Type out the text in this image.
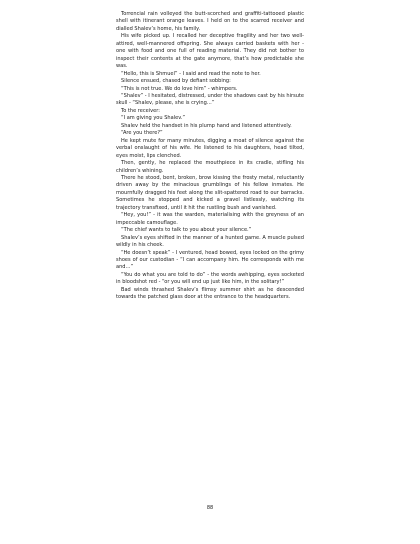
Torrencial rain volleyed the butt-scorched and graffiti-tattooed plastic shell with itinerant orange leaves. I held on to the scarred receiver and dialled Shalev’s home, his family.

His wife picked up. I recalled her deceptive fragility and her two well-attired, well-mannered offspring. She always carried baskets with her - one with food and one full of reading material. They did not bother to inspect their contents at the gate anymore, that’s how predictable she was.

“Hello, this is Shmuel” - I said and read the note to her.

Silence ensued, chased by defiant sobbing:

“This is not true. We do love him” - whimpers.

“Shalev” - I hesitated, distressed, under the shadows cast by his hirsute skull - “Shalev, please, she is crying…”

To the receiver:

“I am giving you Shalev.”

Shalev held the handset in his plump hand and listened attentively.

“Are you there?”

He kept mute for many minutes, digging a moat of silence against the verbal onslaught of his wife. He listened to his daughters, head tilted, eyes moist, lips clenched.

Then, gently, he replaced the mouthpiece in its cradle, stifling his children’s whining.

There he stood, bent, broken, brow kissing the frosty metal, reluctantly driven away by the minacious grumblings of his fellow inmates. He mournfully dragged his feet along the slit-spattered road to our barracks. Sometimes he stopped and kicked a gravel listlessly, watching its trajectory transfixed, until it hit the rustling bush and vanished.

“Hey, you!” - it was the warden, materialising with the greyness of an impeccable camouflage.

“The chief wants to talk to you about your silence.”

Shalev’s eyes shifted in the manner of a hunted game. A muscle pulsed wildly in his cheek.

“He doesn’t speak” - I ventured, head bowed, eyes locked on the grimy shoes of our custodian - “I can accompany him. He corresponds with me and…”

“You do what you are told to do” - the words awhipping, eyes socketed in bloodshot red - “or you will end up just like him, in the solitary!”

Bad winds thrashed Shalev’s flimsy summer shirt as he descended towards the patched glass door at the entrance to the headquarters.

88
